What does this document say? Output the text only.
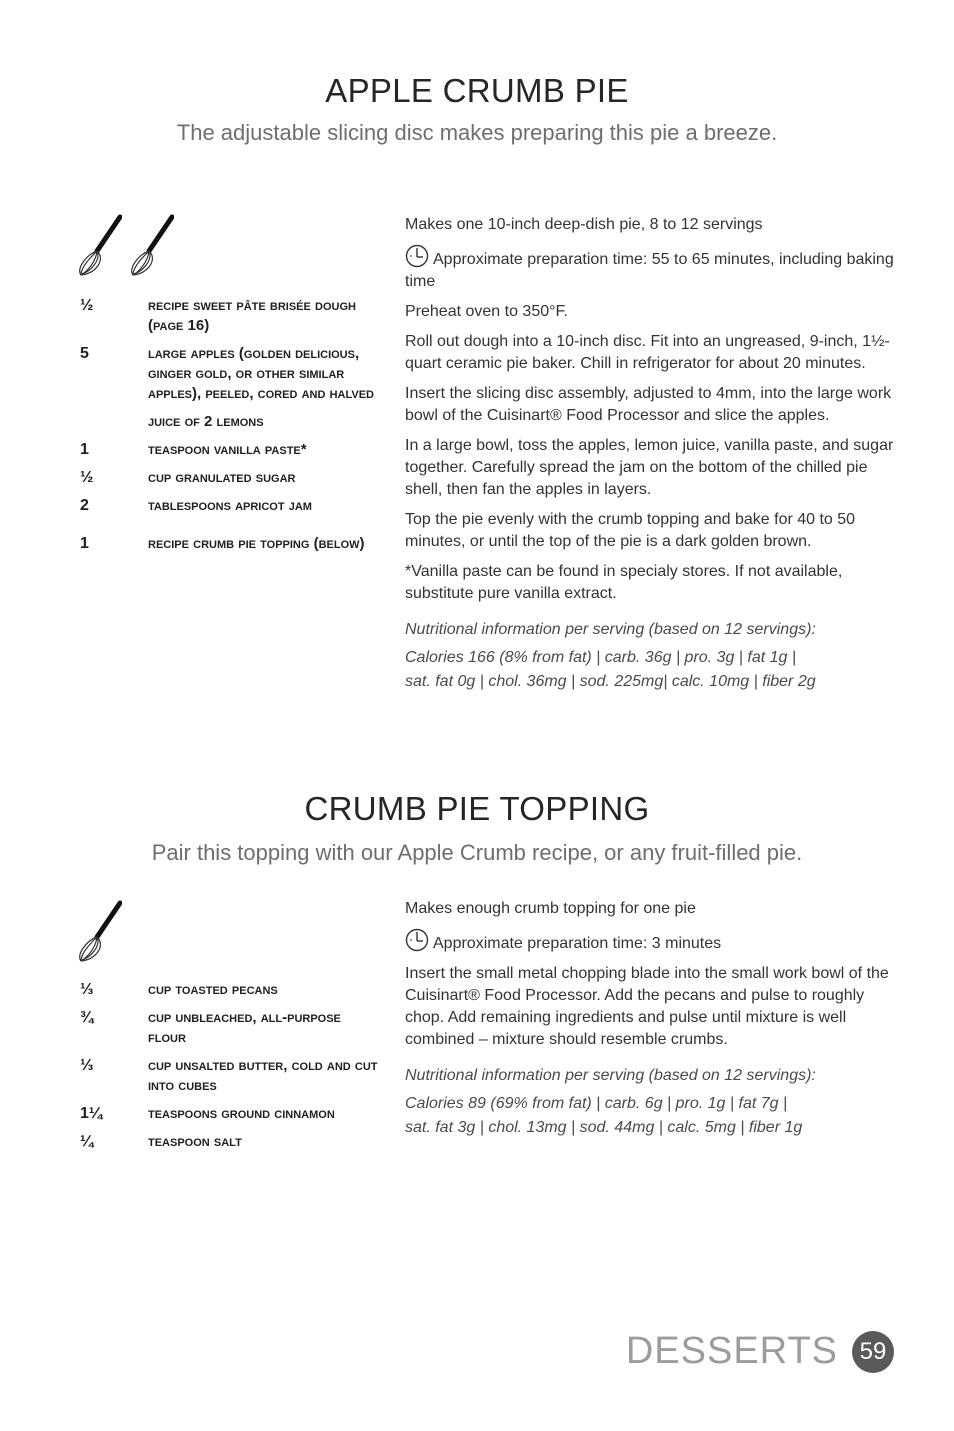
APPLE CRUMB PIE

The adjustable slicing disc makes preparing this pie a breeze.

½	recipe sweet pâte brisée dough (page 16)
5	large apples (golden delicious, ginger gold, or other similar apples), peeled, cored and halved
juice of 2 lemons
1	teaspoon vanilla paste*
½	cup granulated sugar
2	tablespoons apricot jam
1	recipe crumb pie topping (below)

Makes one 10-inch deep-dish pie, 8 to 12 servings

Approximate preparation time: 55 to 65 minutes, including baking time

Preheat oven to 350°F.

Roll out dough into a 10-inch disc. Fit into an ungreased, 9-inch, 1½-quart ceramic pie baker. Chill in refrigerator for about 20 minutes.

Insert the slicing disc assembly, adjusted to 4mm, into the large work bowl of the Cuisinart® Food Processor and slice the apples.

In a large bowl, toss the apples, lemon juice, vanilla paste, and sugar together. Carefully spread the jam on the bottom of the chilled pie shell, then fan the apples in layers.

Top the pie evenly with the crumb topping and bake for 40 to 50 minutes, or until the top of the pie is a dark golden brown.

*Vanilla paste can be found in specialy stores. If not available, substitute pure vanilla extract.

Nutritional information per serving (based on 12 servings):

Calories 166 (8% from fat) | carb. 36g | pro. 3g | fat 1g |

sat. fat 0g | chol. 36mg | sod. 225mg| calc. 10mg | fiber 2g

CRUMB PIE TOPPING

Pair this topping with our Apple Crumb recipe, or any fruit-filled pie.

⅓	cup toasted pecans
¾	cup unbleached, all-purpose flour
⅓	cup unsalted butter, cold and cut into cubes
1¼	teaspoons ground cinnamon
¼	teaspoon salt

Makes enough crumb topping for one pie

Approximate preparation time: 3 minutes

Insert the small metal chopping blade into the small work bowl of the Cuisinart® Food Processor. Add the pecans and pulse to roughly chop. Add remaining ingredients and pulse until mixture is well combined – mixture should resemble crumbs.

Nutritional information per serving (based on 12 servings):

Calories 89 (69% from fat) | carb. 6g | pro. 1g | fat 7g |

sat. fat 3g | chol. 13mg | sod. 44mg | calc. 5mg | fiber 1g

DESSERTS 59
